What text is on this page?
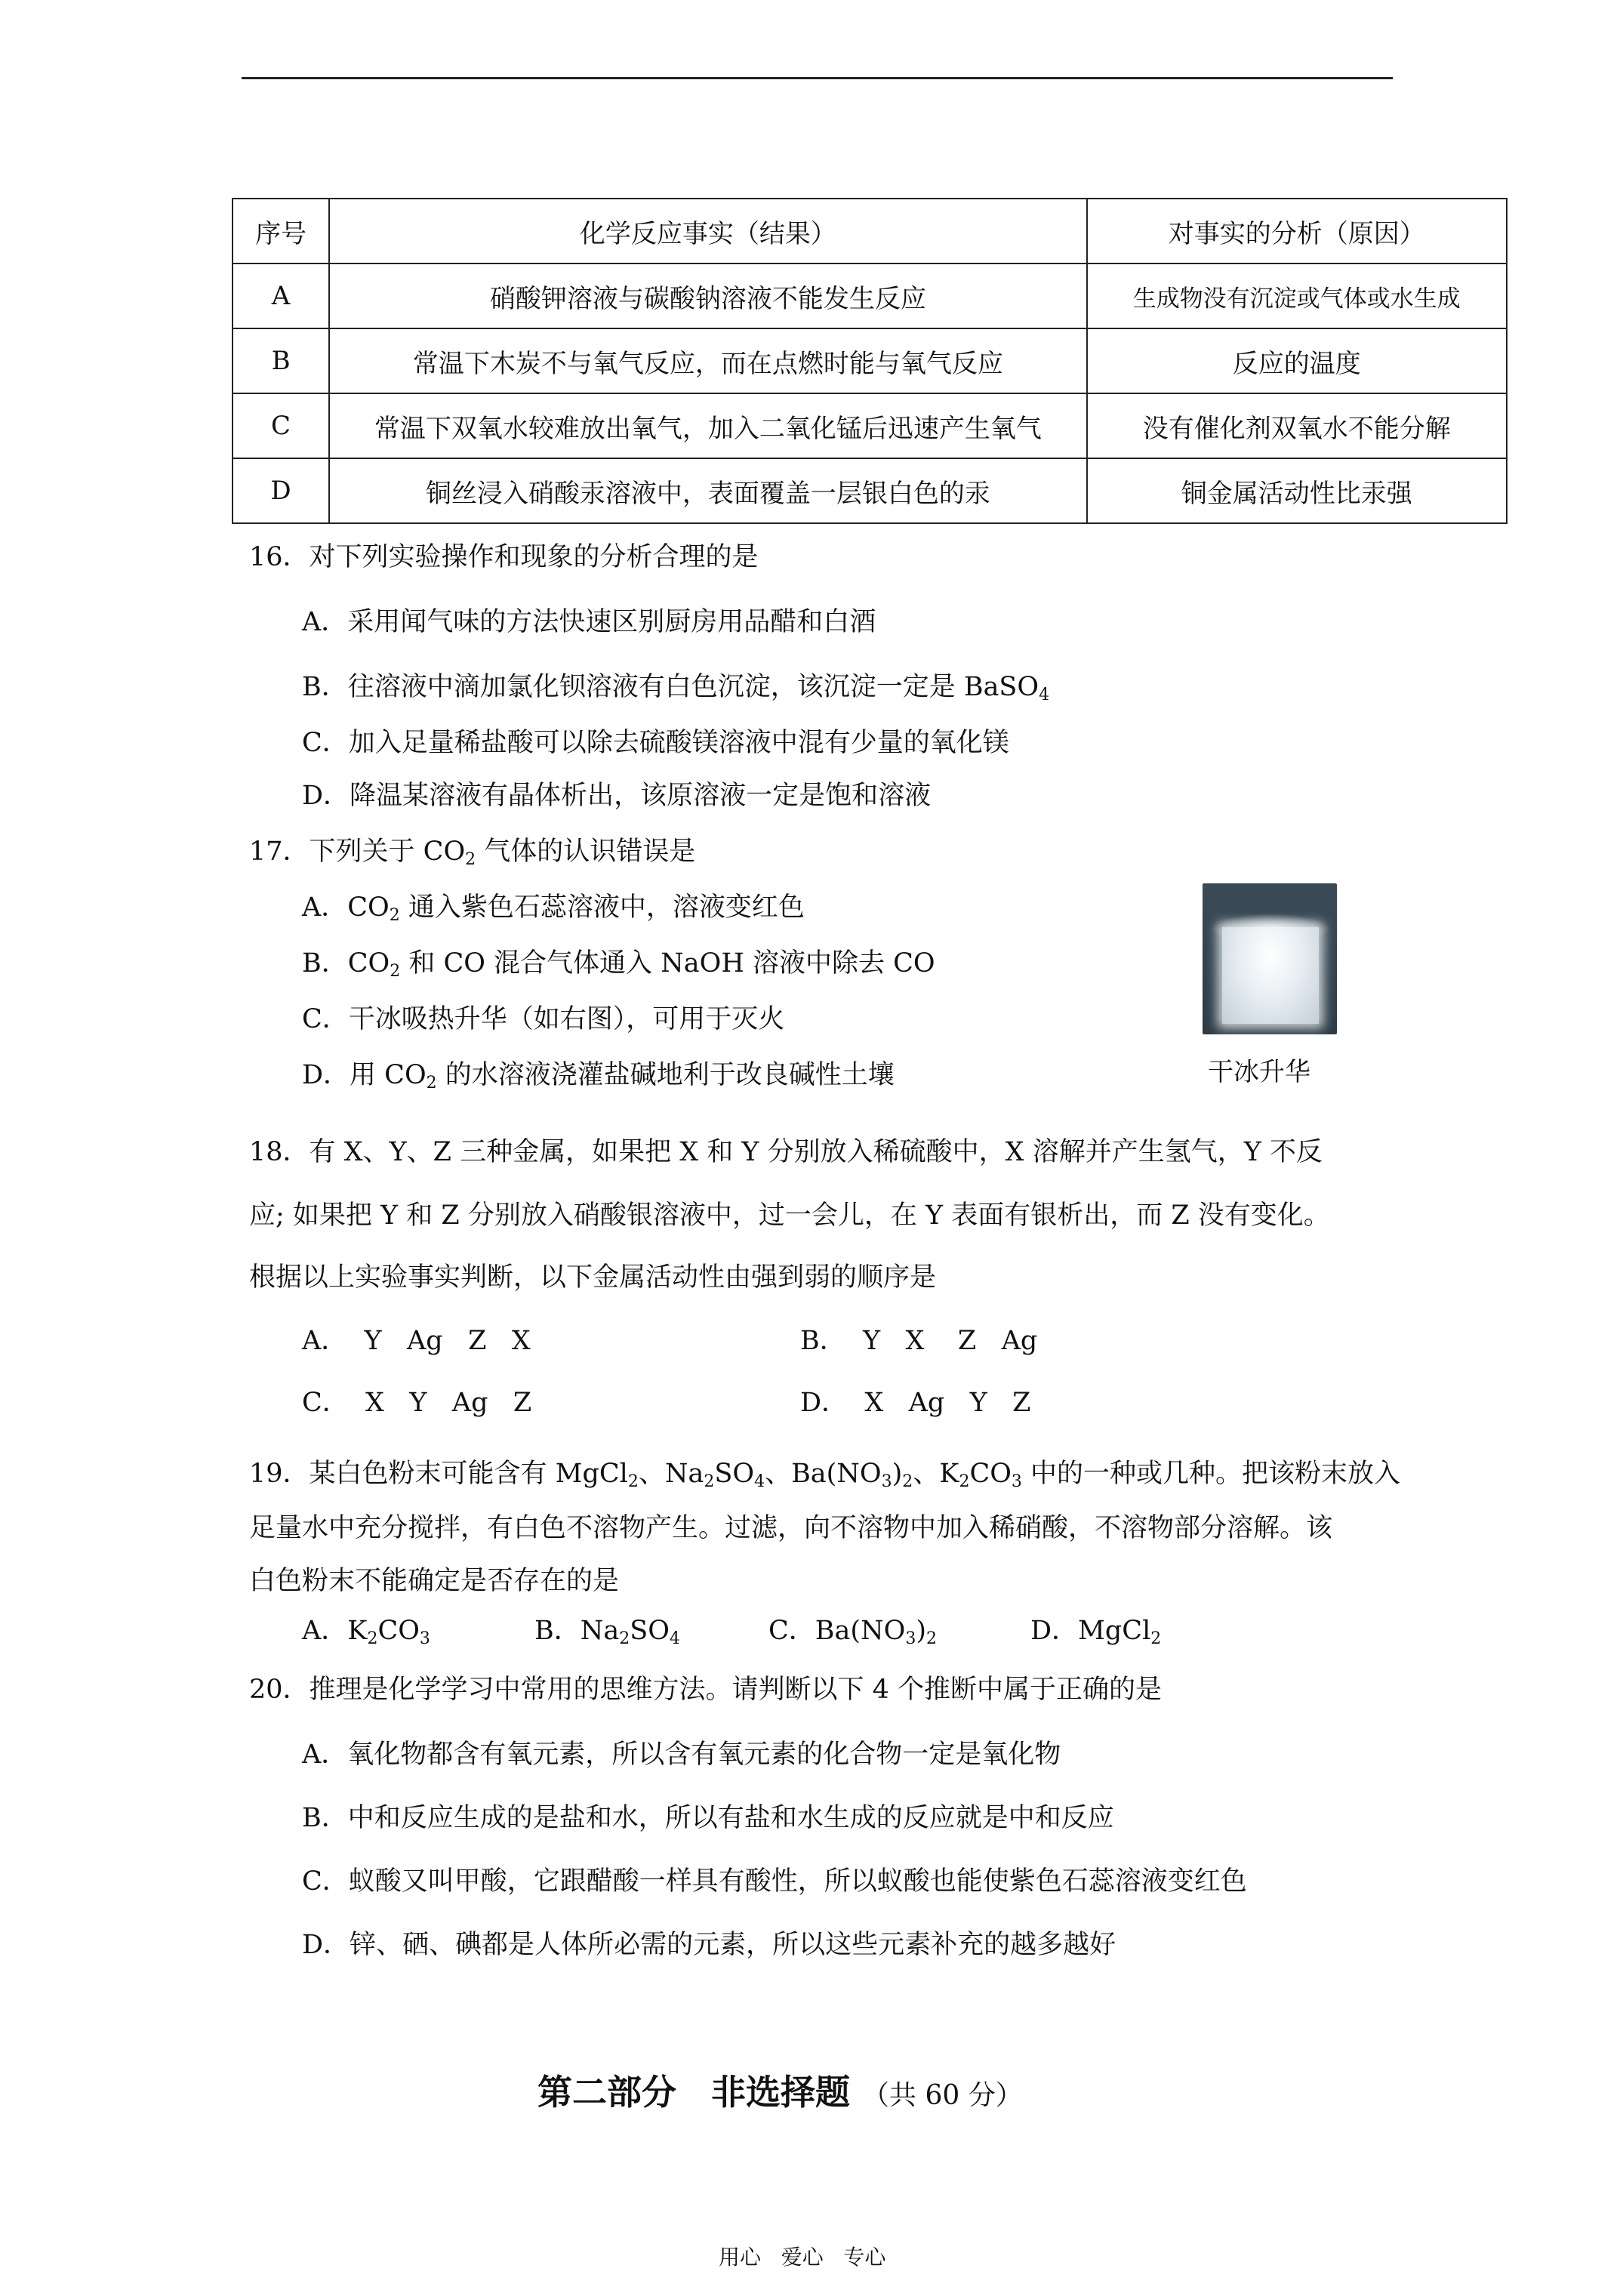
序号	化学反应事实（结果）	对事实的分析（原因）
A	硝酸钾溶液与碳酸钠溶液不能发生反应	生成物没有沉淀或气体或水生成
B	常温下木炭不与氧气反应，而在点燃时能与氧气反应	反应的温度
C	常温下双氧水较难放出氧气，加入二氧化锰后迅速产生氧气	没有催化剂双氧水不能分解
D	铜丝浸入硝酸汞溶液中，表面覆盖一层银白色的汞	铜金属活动性比汞强
16．对下列实验操作和现象的分析合理的是
A．采用闻气味的方法快速区别厨房用品醋和白酒
B．往溶液中滴加氯化钡溶液有白色沉淀，该沉淀一定是 BaSO$_4$
C．加入足量稀盐酸可以除去硫酸镁溶液中混有少量的氧化镁
D．降温某溶液有晶体析出，该原溶液一定是饱和溶液
17．下列关于 $CO_2$ 气体的认识错误是
A．$CO_2$ 通入紫色石蕊溶液中，溶液变红色
B．$CO_2$ 和 CO 混合气体通入 NaOH 溶液中除去 CO
C．干冰吸热升华（如右图），可用于灭火
D．用 $CO_2$ 的水溶液浇灌盐碱地利于改良碱性土壤	干冰升华
18．有 X、Y、Z 三种金属，如果把 X 和 Y 分别放入稀硫酸中，X 溶解并产生氢气，Y 不反
应; 如果把 Y 和 Z 分别放入硝酸银溶液中，过一会儿，在 Y 表面有银析出，而 Z 没有变化。
根据以上实验事实判断，以下金属活动性由强到弱的顺序是
A．  Y   Ag   Z   X	B．  Y   X    Z   Ag
C．  X   Y   Ag   Z	D．  X   Ag   Y   Z
19．某白色粉末可能含有 MgCl$_2$、$Na_2SO_4$、$Ba(NO_3)_2$、$K_2CO_3$ 中的一种或几种。把该粉末放入
足量水中充分搅拌，有白色不溶物产生。过滤，向不溶物中加入稀硝酸，不溶物部分溶解。该
白色粉末不能确定是否存在的是
A．$K_2CO_3$	B．$Na_2SO_4$	C．$Ba(NO_3)_2$	D．MgCl$_2$
20．推理是化学学习中常用的思维方法。请判断以下 4 个推断中属于正确的是
A．氧化物都含有氧元素，所以含有氧元素的化合物一定是氧化物
B．中和反应生成的是盐和水，所以有盐和水生成的反应就是中和反应
C．蚁酸又叫甲酸，它跟醋酸一样具有酸性，所以蚁酸也能使紫色石蕊溶液变红色
D．锌、硒、碘都是人体所必需的元素，所以这些元素补充的越多越好
第二部分　非选择题 （共 60 分）
用心   爱心   专心
